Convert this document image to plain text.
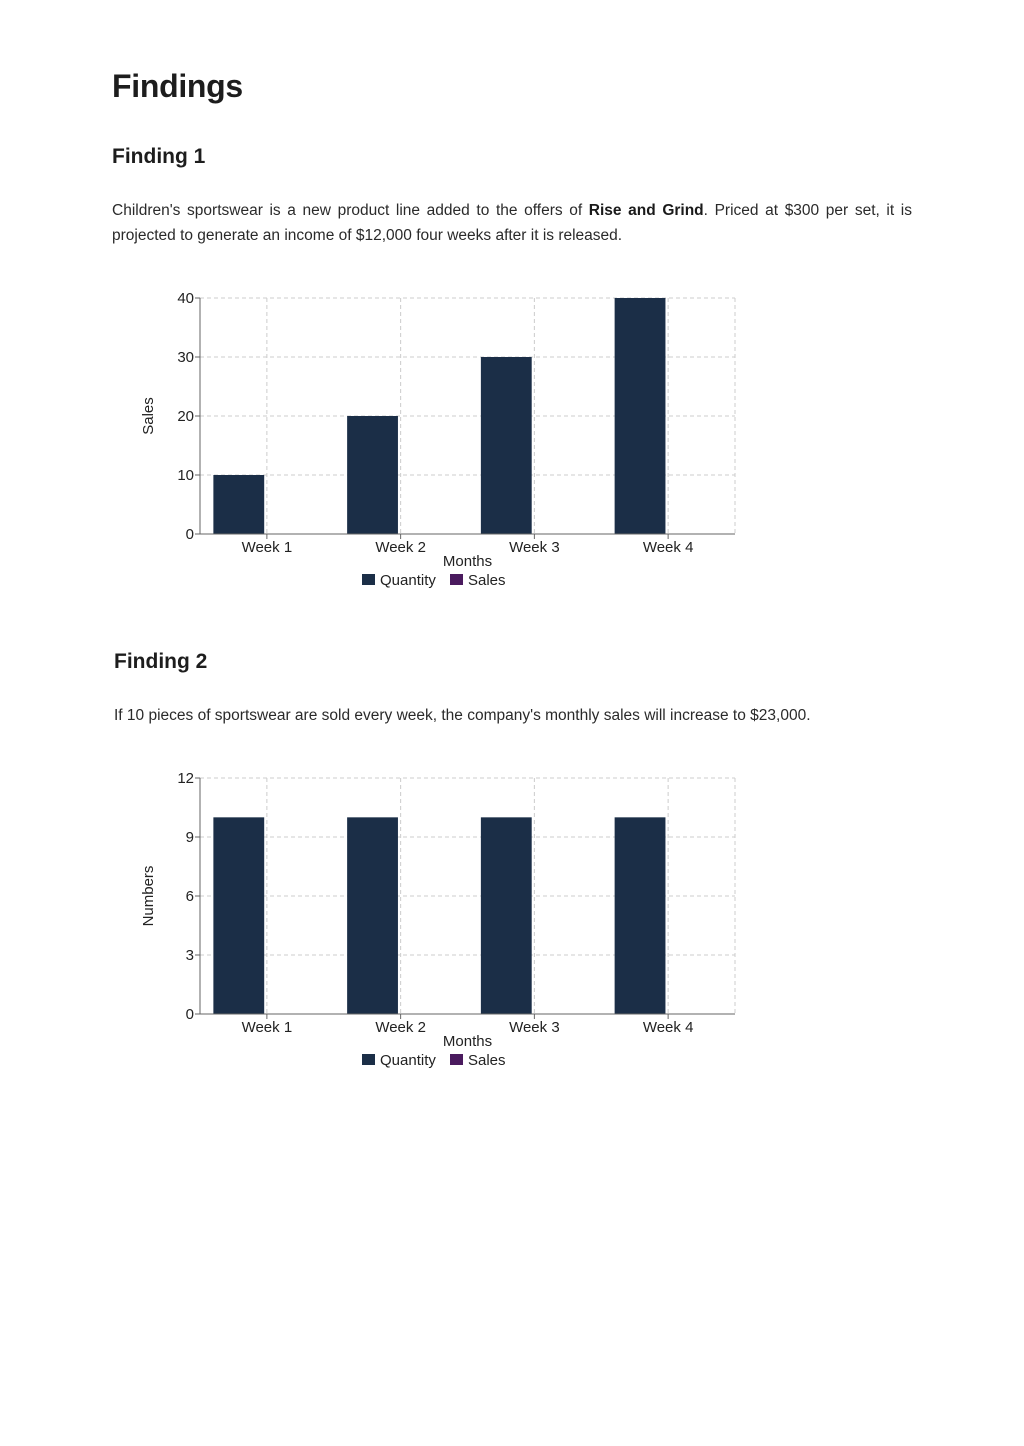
Findings
Finding 1

Children's sportswear is a new product line added to the offers of Rise and Grind. Priced at $300 per set, it is projected to generate an income of $12,000 four weeks after it is released.

0
10
20
30
40
Week 1	Week 2	Week 3	Week 4
Months
Sales
Quantity Sales
Finding 2

If 10 pieces of sportswear are sold every week, the company's monthly sales will increase to $23,000.

0
3
6
9
12
Week 1	Week 2	Week 3	Week 4
Months
Numbers
Quantity Sales
